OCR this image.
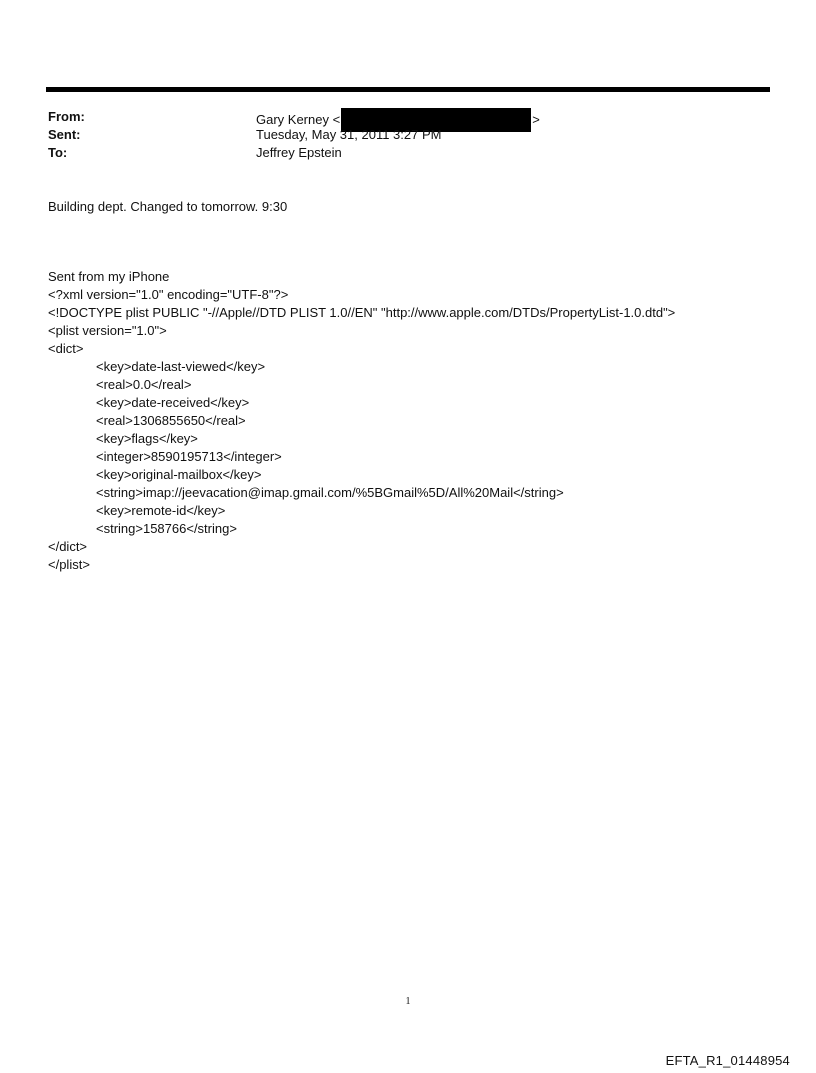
From:	Gary Kerney <	>
Sent:	Tuesday, May 31, 2011 3:27 PM
To:	Jeffrey Epstein
Building dept. Changed to tomorrow. 9:30
Sent from my iPhone
<?xml version="1.0" encoding="UTF-8"?>
<!DOCTYPE plist PUBLIC "-//Apple//DTD PLIST 1.0//EN" "http://www.apple.com/DTDs/PropertyList-1.0.dtd">
<plist version="1.0">
<dict>
<key>date-last-viewed</key>
<real>0.0</real>
<key>date-received</key>
<real>1306855650</real>
<key>flags</key>
<integer>8590195713</integer>
<key>original-mailbox</key>
<string>imap://jeevacation@imap.gmail.com/%5BGmail%5D/All%20Mail</string>
<key>remote-id</key>
<string>158766</string>
</dict>
</plist>
1
EFTA_R1_01448954
